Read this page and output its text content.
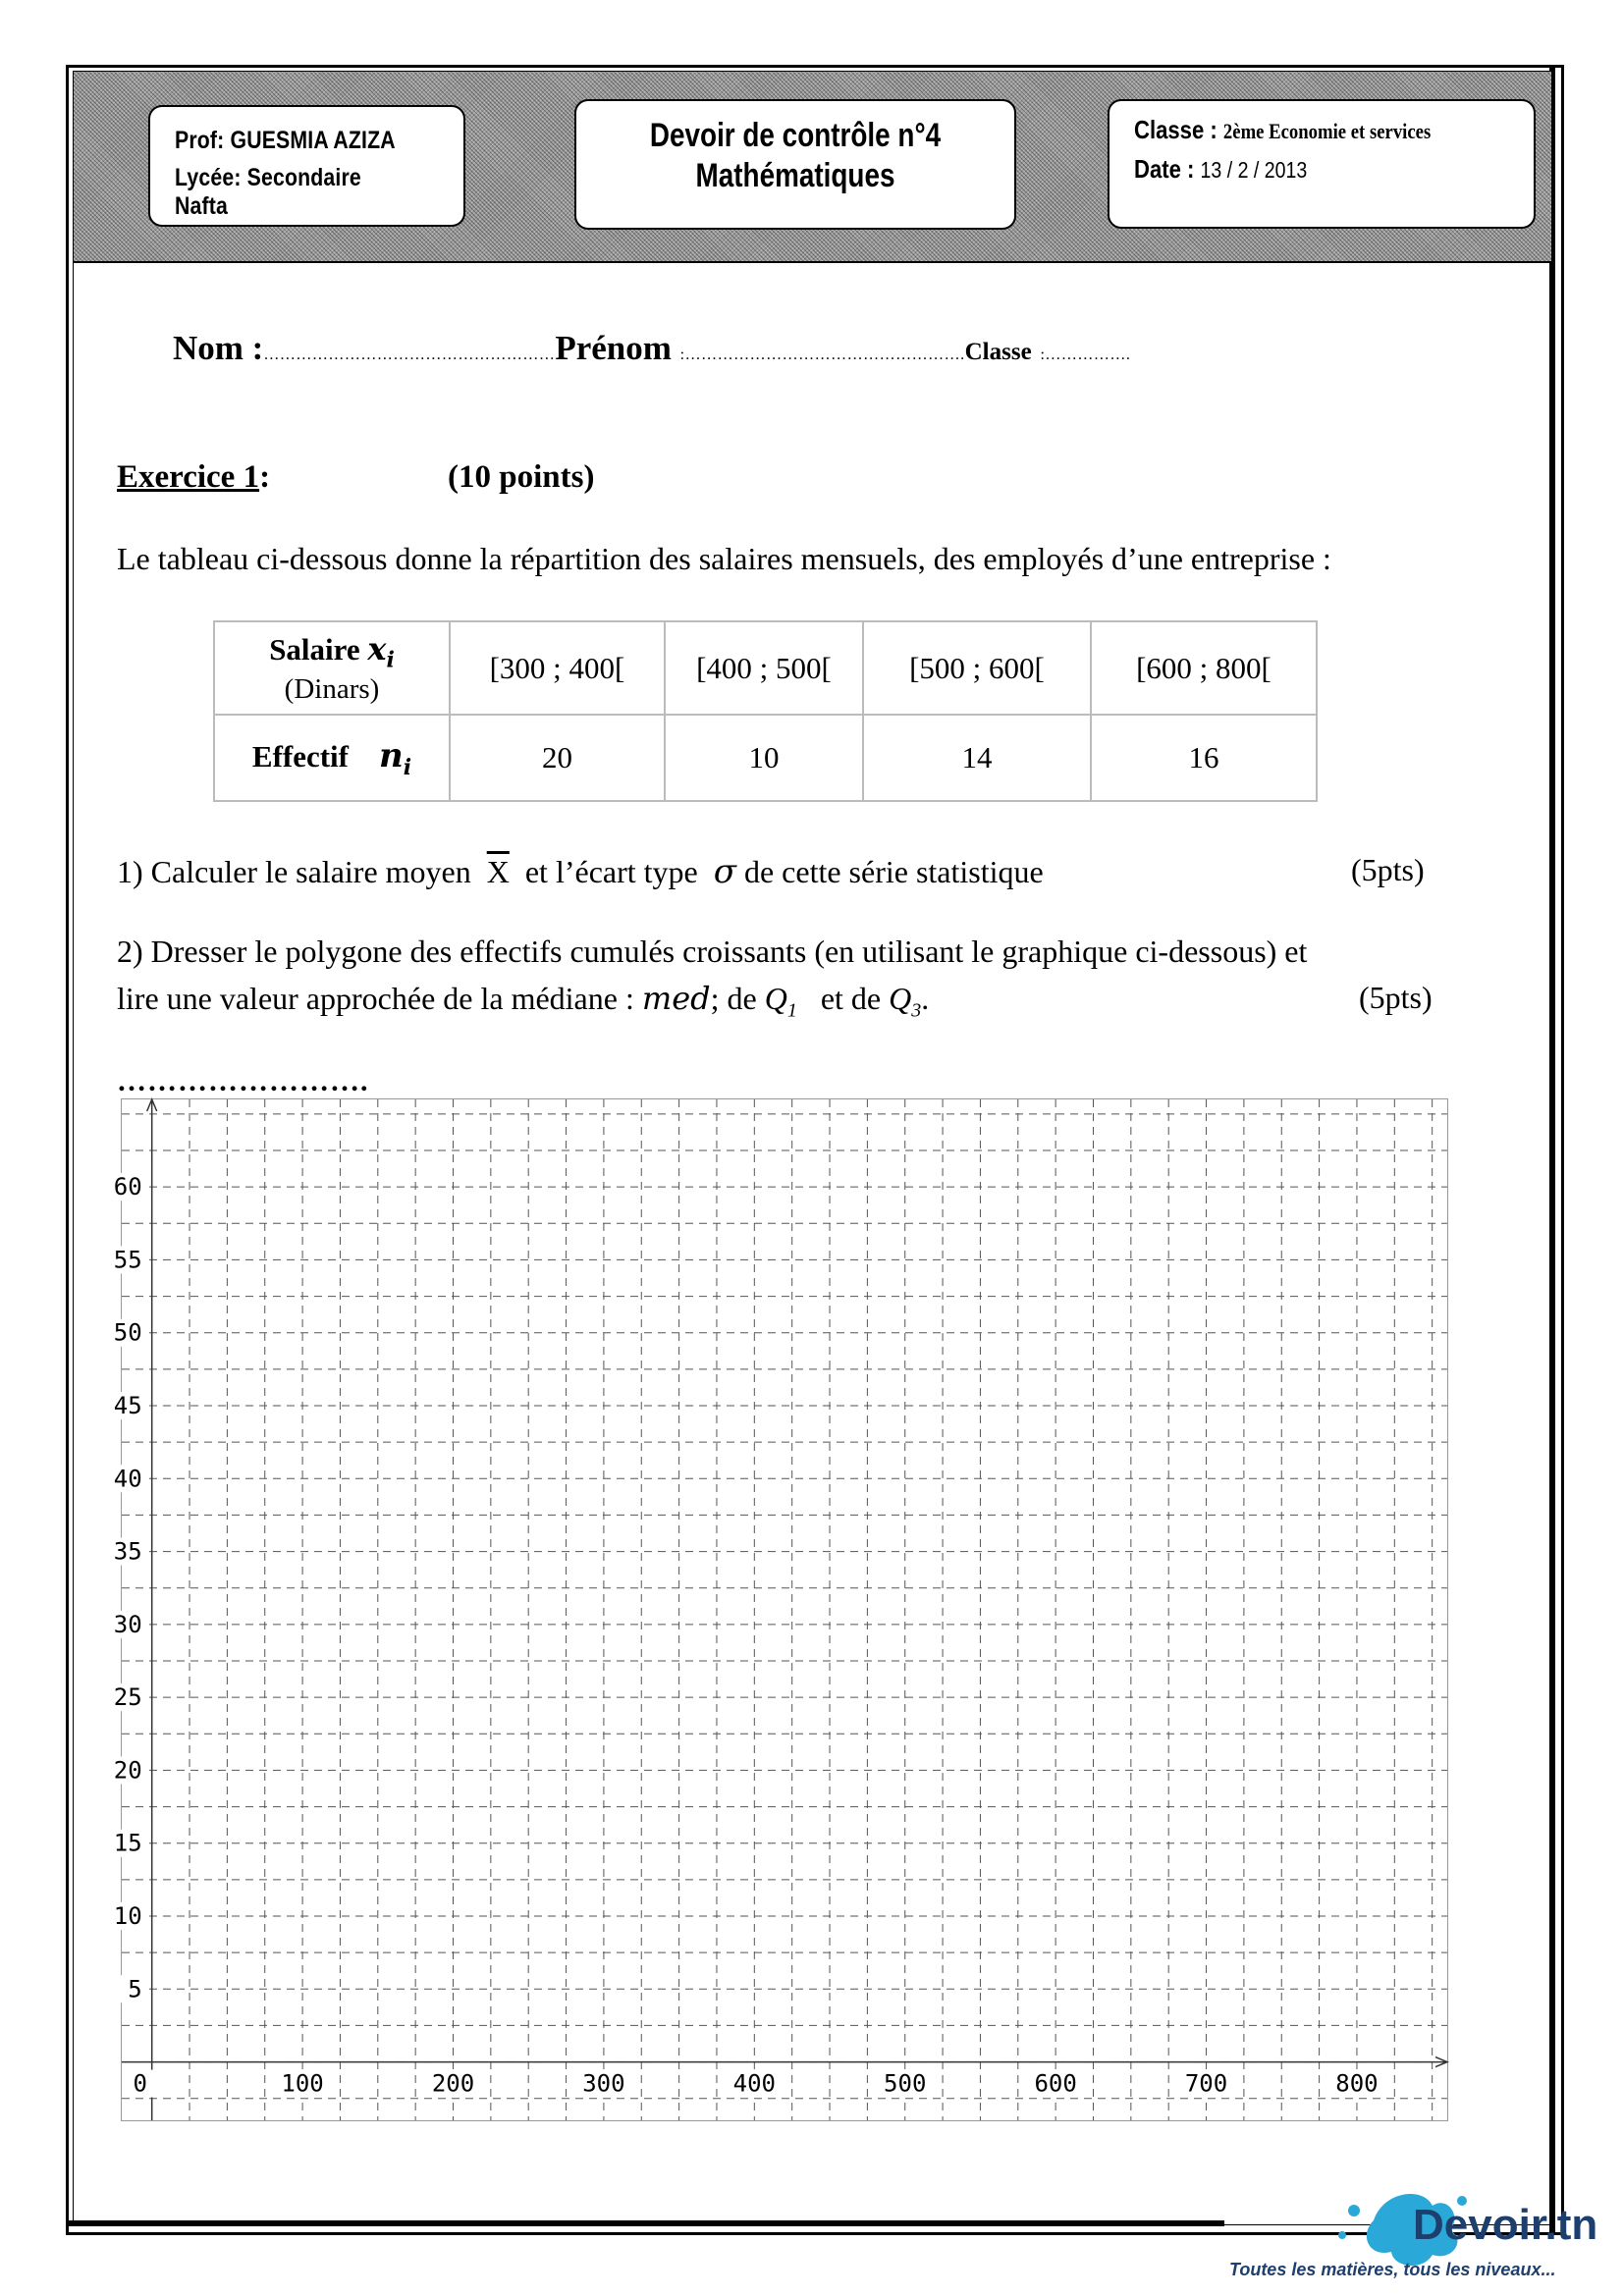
Prof: GUESMIA AZIZA
Lycée: Secondaire Nafta
Devoir de contrôle n°4
Mathématiques
Classe : 2ème Economie et services
Date : 13 / 2 / 2013
Nom :………………………………………………Prénom :…………………………………………….Classe :…………….
Exercice 1:	(10 points)
Le tableau ci-dessous donne la répartition des salaires mensuels, des employés d’une entreprise :
Salaire $x_i$
(Dinars)	[300 ; 400[	[400 ; 500[	[500 ; 600[	[600 ; 800[
Effectif $n_i$	20	10	14	16
1) Calculer le salaire moyen $\overline{X}$ et l’écart type σ de cette série statistique	(5pts)
2) Dresser le polygone des effectifs cumulés croissants (en utilisant le graphique ci-dessous) et
lire une valeur approchée de la médiane : med; de $Q_1$ et de $Q_3$.	(5pts)
…………………….
0	100	200	300	400	500	600	700	800
5
10
15
20
25
30
35
40
45
50
55
60
Devoir.tn
Toutes les matières, tous les niveaux...
